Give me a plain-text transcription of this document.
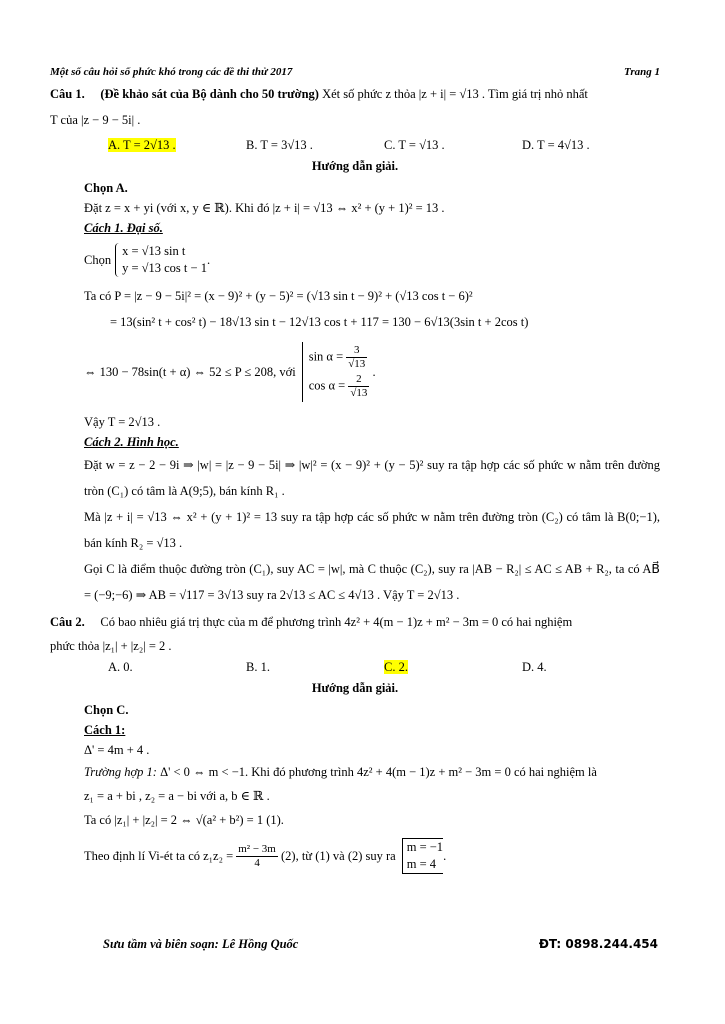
Một số câu hỏi số phức khó trong các đề thi thử 2017	Trang 1
Câu 1. (Đề khảo sát của Bộ dành cho 50 trường) Xét số phức z thỏa |z + i| = √13 . Tìm giá trị nhỏ nhất
T của |z − 9 − 5i| .
A. T = 2√13 .	B. T = 3√13 .	C. T = √13 .	D. T = 4√13 .
Hướng dẫn giải.
Chọn A.
Đặt z = x + yi (với x, y ∈ ℝ). Khi đó |z + i| = √13 ⇔ x² + (y + 1)² = 13 .
Cách 1. Đại số.
Chọn
x = √13 sin t
y = √13 cos t − 1
.
Ta có P = |z − 9 − 5i|² = (x − 9)² + (y − 5)² = (√13 sin t − 9)² + (√13 cos t − 6)²
= 13(sin² t + cos² t) − 18√13 sin t − 12√13 cos t + 117 = 130 − 6√13(3sin t + 2cos t)
⇔ 130 − 78sin(t + α) ⇔ 52 ≤ P ≤ 208, với
$\sin \alpha = \frac{3}{√13}$
$\cos \alpha = \frac{2}{√13}$
.
Vậy T = 2√13 .
Cách 2. Hình học.
Đặt w = z − 2 − 9i ⇒ |w| = |z − 9 − 5i| ⇒ |w|² = (x − 9)² + (y − 5)² suy ra tập hợp các số phức w nằm trên đường tròn (C₁) có tâm là A(9;5), bán kính R₁ .
Mà |z + i| = √13 ⇔ x² + (y + 1)² = 13 suy ra tập hợp các số phức w nằm trên đường tròn (C₂) có tâm là B(0;−1), bán kính R₂ = √13 .
Gọi C là điểm thuộc đường tròn (C₁), suy AC = |w|, mà C thuộc (C₂), suy ra |AB − R₂| ≤ AC ≤ AB + R₂, ta có AB⃗ = (−9;−6) ⇒ AB = √117 = 3√13 suy ra 2√13 ≤ AC ≤ 4√13 . Vậy T = 2√13 .
Câu 2. Có bao nhiêu giá trị thực của m để phương trình 4z² + 4(m − 1)z + m² − 3m = 0 có hai nghiệm
phức thỏa |z₁| + |z₂| = 2 .
A. 0.	B. 1.	C. 2.	D. 4.
Hướng dẫn giải.
Chọn C.
Cách 1:
Δ' = 4m + 4 .
Trường hợp 1: Δ' < 0 ⇔ m < −1. Khi đó phương trình 4z² + 4(m − 1)z + m² − 3m = 0 có hai nghiệm là
z₁ = a + bi , z₂ = a − bi với a, b ∈ ℝ .
Ta có |z₁| + |z₂| = 2 ⇔ √(a² + b²) = 1 (1).
Theo định lí Vi-ét ta có z₁z₂ =
$\frac{\text{m² − 3m}}{4}$
(2), từ (1) và (2) suy ra
m = −1
m = 4
.
Sưu tầm và biên soạn: Lê Hồng Quốc	ĐT: 0898.244.454
